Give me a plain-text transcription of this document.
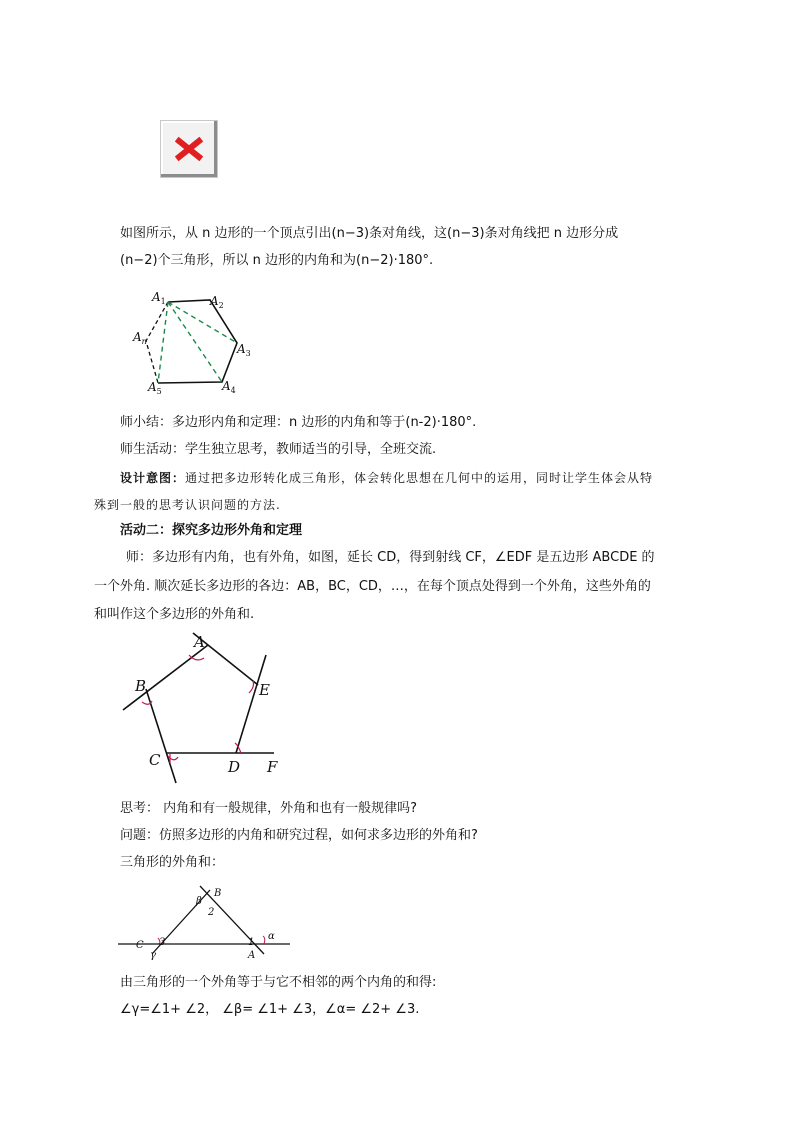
如图所示，从 n 边形的一个顶点引出(n−3)条对角线，这(n−3)条对角线把 n 边形分成
(n−2)个三角形，所以 n 边形的内角和为(n−2)·180°.
$A_1$	$A_2$
$A_3$
$A_4$
$A_5$
$A_n$
师小结：多边形内角和定理：n 边形的内角和等于(n-2)·180°.
师生活动：学生独立思考，教师适当的引导，全班交流.
设计意图：通过把多边形转化成三角形，体会转化思想在几何中的运用，同时让学生体会从特
殊到一般的思考认识问题的方法.
活动二：探究多边形外角和定理
师：多边形有内角，也有外角，如图，延长 CD，得到射线 CF，∠EDF 是五边形 ABCDE 的
一个外角. 顺次延长多边形的各边：AB，BC，CD，…，在每个顶点处得到一个外角，这些外角的
和叫作这个多边形的外角和.
A
B
C	D
E
F
思考： 内角和有一般规律，外角和也有一般规律吗?
问题：仿照多边形的内角和研究过程，如何求多边形的外角和?
三角形的外角和：
B
β
2
C 3
γ
1
α
A
由三角形的一个外角等于与它不相邻的两个内角的和得:
∠γ=∠1+ ∠2， ∠β= ∠1+ ∠3，∠α= ∠2+ ∠3.
